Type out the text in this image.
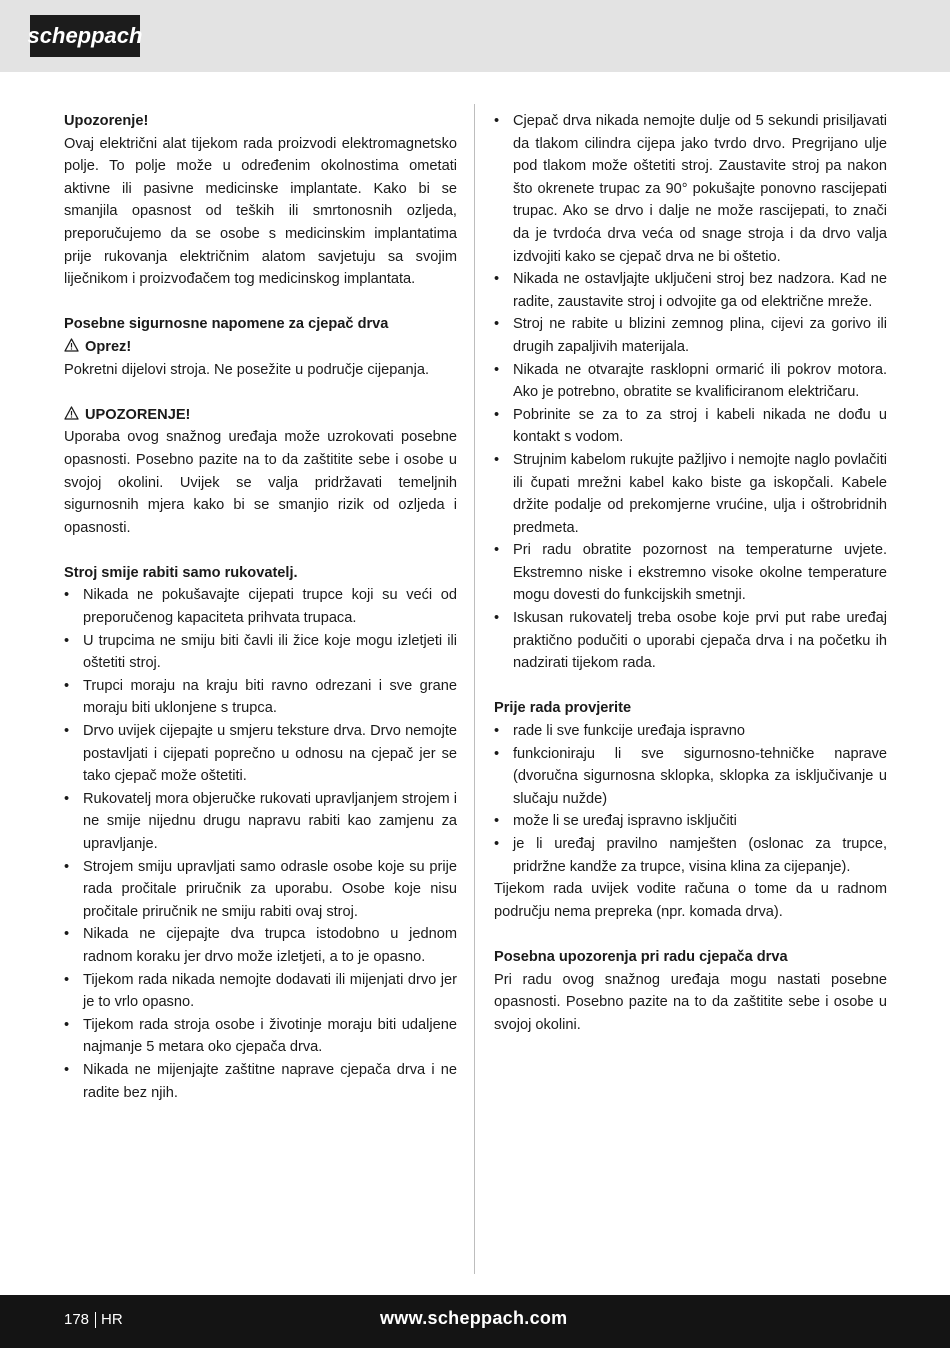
scheppach

Upozorenje!

Ovaj električni alat tijekom rada proizvodi elektromagnetsko polje. To polje može u određenim okolnostima ometati aktivne ili pasivne medicinske implantate. Kako bi se smanjila opasnost od teških ili smrtonosnih ozljeda, preporučujemo da se osobe s medicinskim implantatima prije rukovanja električnim alatom savjetuju sa svojim liječnikom i proizvođačem tog medicinskog implantata.

Posebne sigurnosne napomene za cjepač drva

Oprez!

Pokretni dijelovi stroja. Ne posežite u područje cijepanja.

UPOZORENJE!

Uporaba ovog snažnog uređaja može uzrokovati posebne opasnosti. Posebno pazite na to da zaštitite sebe i osobe u svojoj okolini. Uvijek se valja pridržavati temeljnih sigurnosnih mjera kako bi se smanjio rizik od ozljeda i opasnosti.

Stroj smije rabiti samo rukovatelj.

• Nikada ne pokušavajte cijepati trupce koji su veći od preporučenog kapaciteta prihvata trupaca.
• U trupcima ne smiju biti čavli ili žice koje mogu izletjeti ili oštetiti stroj.
• Trupci moraju na kraju biti ravno odrezani i sve grane moraju biti uklonjene s trupca.
• Drvo uvijek cijepajte u smjeru teksture drva. Drvo nemojte postavljati i cijepati poprečno u odnosu na cjepač jer se tako cjepač može oštetiti.
• Rukovatelj mora objeručke rukovati upravljanjem strojem i ne smije nijednu drugu napravu rabiti kao zamjenu za upravljanje.
• Strojem smiju upravljati samo odrasle osobe koje su prije rada pročitale priručnik za uporabu. Osobe koje nisu pročitale priručnik ne smiju rabiti ovaj stroj.
• Nikada ne cijepajte dva trupca istodobno u jednom radnom koraku jer drvo može izletjeti, a to je opasno.
• Tijekom rada nikada nemojte dodavati ili mijenjati drvo jer je to vrlo opasno.
• Tijekom rada stroja osobe i životinje moraju biti udaljene najmanje 5 metara oko cjepača drva.
• Nikada ne mijenjajte zaštitne naprave cjepača drva i ne radite bez njih.
• Cjepač drva nikada nemojte dulje od 5 sekundi prisiljavati da tlakom cilindra cijepa jako tvrdo drvo. Pregrijano ulje pod tlakom može oštetiti stroj. Zaustavite stroj pa nakon što okrenete trupac za 90° pokušajte ponovno rascijepati trupac. Ako se drvo i dalje ne može rascijepati, to znači da je tvrdoća drva veća od snage stroja i da drvo valja izdvojiti kako se cjepač drva ne bi oštetio.
• Nikada ne ostavljajte uključeni stroj bez nadzora. Kad ne radite, zaustavite stroj i odvojite ga od električne mreže.
• Stroj ne rabite u blizini zemnog plina, cijevi za gorivo ili drugih zapaljivih materijala.
• Nikada ne otvarajte rasklopni ormarić ili pokrov motora. Ako je potrebno, obratite se kvalificiranom električaru.
• Pobrinite se za to za stroj i kabeli nikada ne dođu u kontakt s vodom.
• Strujnim kabelom rukujte pažljivo i nemojte naglo povlačiti ili čupati mrežni kabel kako biste ga iskopčali. Kabele držite podalje od prekomjerne vrućine, ulja i oštrobridnih predmeta.
• Pri radu obratite pozornost na temperaturne uvjete. Ekstremno niske i ekstremno visoke okolne temperature mogu dovesti do funkcijskih smetnji.
• Iskusan rukovatelj treba osobe koje prvi put rabe uređaj praktično podučiti o uporabi cjepača drva i na početku ih nadzirati tijekom rada.

Prije rada provjerite

• rade li sve funkcije uređaja ispravno
• funkcioniraju li sve sigurnosno-tehničke naprave (dvoručna sigurnosna sklopka, sklopka za isključivanje u slučaju nužde)
• može li se uređaj ispravno isključiti
• je li uređaj pravilno namješten (oslonac za trupce, pridržne kandže za trupce, visina klina za cijepanje).

Tijekom rada uvijek vodite računa o tome da u radnom području nema prepreka (npr. komada drva).

Posebna upozorenja pri radu cjepača drva

Pri radu ovog snažnog uređaja mogu nastati posebne opasnosti. Posebno pazite na to da zaštitite sebe i osobe u svojoj okolini.

178 HR	www.scheppach.com
